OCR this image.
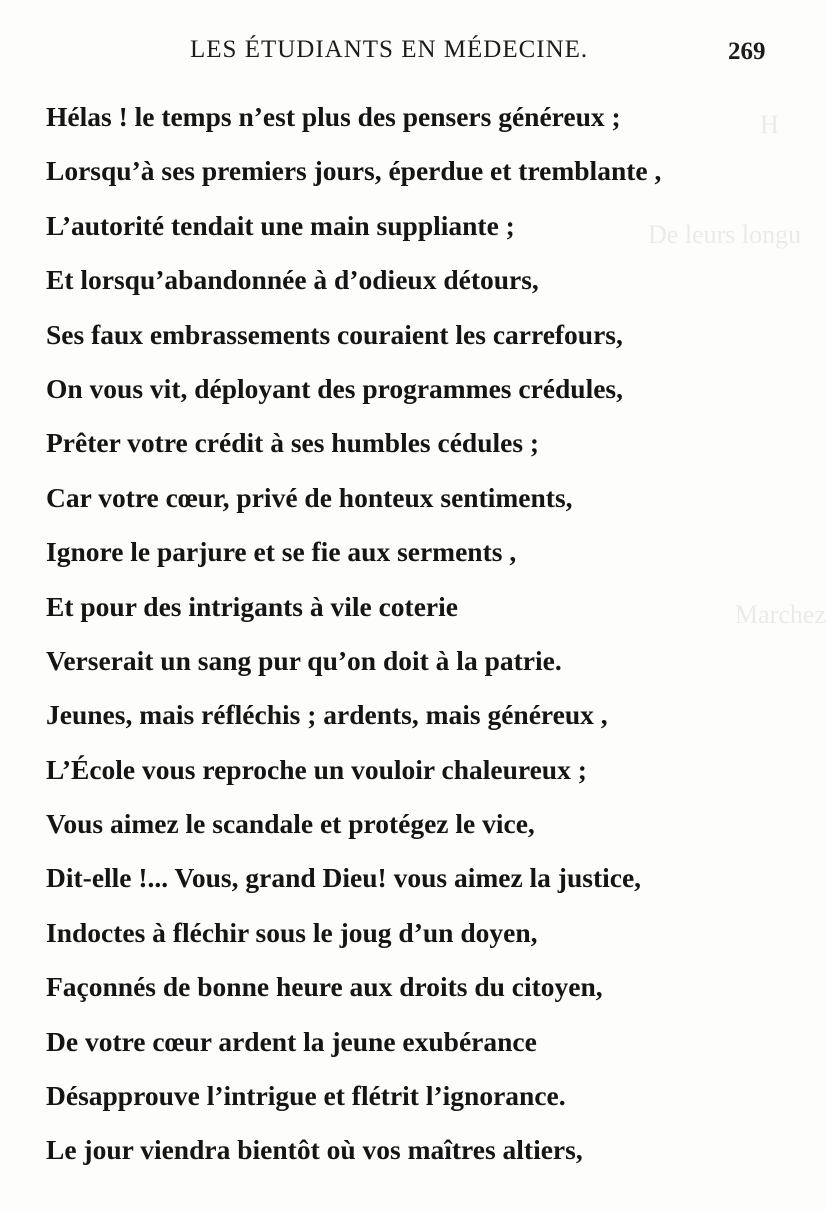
H
De leurs longu
Marchez
LES ÉTUDIANTS EN MÉDECINE.	269
Hélas ! le temps n’est plus des pensers généreux ;
Lorsqu’à ses premiers jours, éperdue et tremblante ,
L’autorité tendait une main suppliante ;
Et lorsqu’abandonnée à d’odieux détours,
Ses faux embrassements couraient les carrefours,
On vous vit, déployant des programmes crédules,
Prêter votre crédit à ses humbles cédules ;
Car votre cœur, privé de honteux sentiments,
Ignore le parjure et se fie aux serments ,
Et pour des intrigants à vile coterie
Verserait un sang pur qu’on doit à la patrie.
Jeunes, mais réfléchis ; ardents, mais généreux ,
L’École vous reproche un vouloir chaleureux ;
Vous aimez le scandale et protégez le vice,
Dit-elle !... Vous, grand Dieu! vous aimez la justice,
Indoctes à fléchir sous le joug d’un doyen,
Façonnés de bonne heure aux droits du citoyen,
De votre cœur ardent la jeune exubérance
Désapprouve l’intrigue et flétrit l’ignorance.
Le jour viendra bientôt où vos maîtres altiers,
